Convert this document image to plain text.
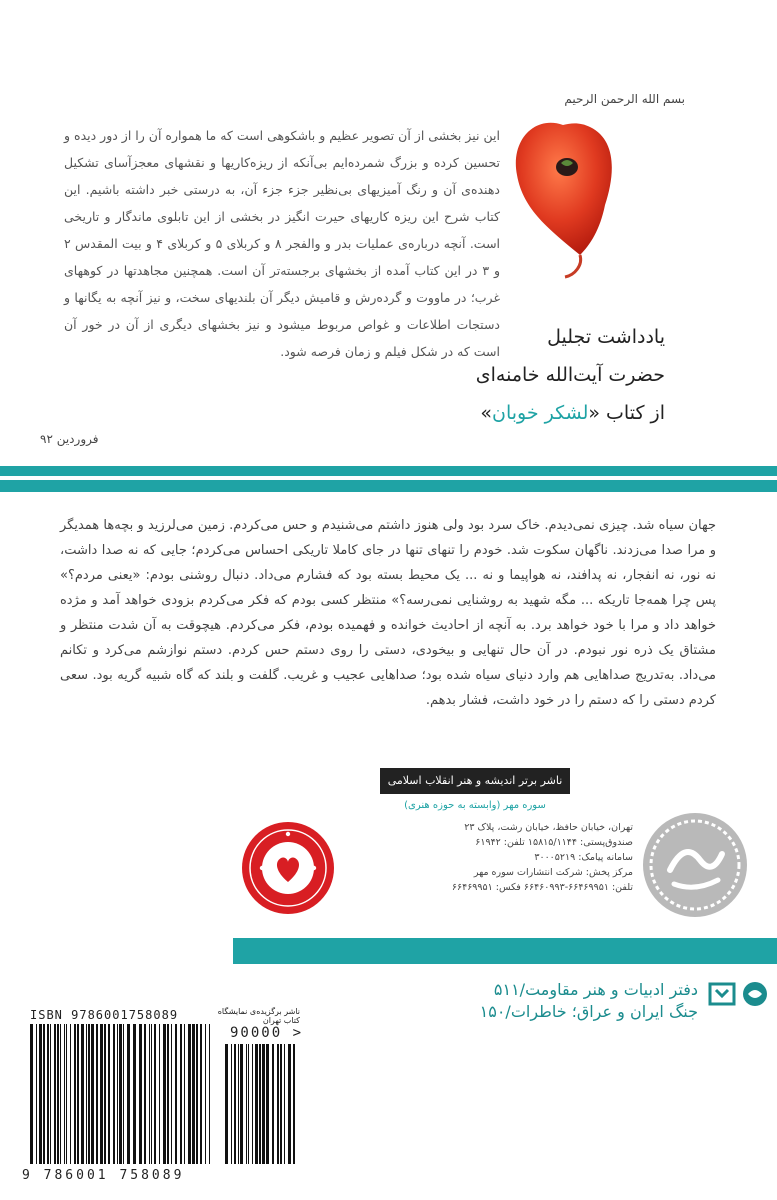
بسم الله الرحمن الرحیم
این نیز بخشی از آن تصویر عظیم و باشکوهی است که ما همواره آن را از دور دیده و تحسین کرده و بزرگ شمرده‌ایم بی‌آنکه از ریزه‌کاریها و نقشهای معجزآسای تشکیل دهنده‌ی آن و رنگ آمیزیهای بی‌نظیر جزء جزء آن، به درستی خبر داشته باشیم. این کتاب شرح این ریزه کاریهای حیرت انگیز در بخشی از این تابلوی ماندگار و تاریخی است. آنچه درباره‌ی عملیات بدر و والفجر ۸ و کربلای ۵ و کربلای ۴ و بیت المقدس ۲ و ۳ در این کتاب آمده از بخشهای برجسته‌تر آن است. همچنین مجاهدتها در کوههای غرب؛ در ماووت و گرده‌رش و قامیش دیگر آن بلندیهای سخت، و نیز آنچه به یگانها و دستجات اطلاعات و غواص مربوط میشود و نیز بخشهای دیگری از آن در خور آن است که در شکل فیلم و زمان فرصه شود.
یادداشت تجلیل
حضرت آیت‌الله خامنه‌ای
از کتاب «لشکر خوبان»
فروردین ۹۲
جهان سیاه شد. چیزی نمی‌دیدم. خاک سرد بود ولی هنوز داشتم می‌شنیدم و حس می‌کردم. زمین می‌لرزید و بچه‌ها همدیگر و مرا صدا می‌زدند. ناگهان سکوت شد. خودم را تنهای تنها در جای کاملا تاریکی احساس می‌کردم؛ جایی که نه صدا داشت، نه نور، نه انفجار، نه پدافند، نه هواپیما و نه ... یک محیط بسته بود که فشارم می‌داد. دنبال روشنی بودم: «یعنی مردم؟» پس چرا همه‌جا تاریکه ... مگه شهید به روشنایی نمی‌رسه؟» منتظر کسی بودم که فکر می‌کردم بزودی خواهد آمد و مژده خواهد داد و مرا با خود خواهد برد. به آنچه از احادیث خوانده و فهمیده بودم، فکر می‌کردم. هیچوقت به آن شدت منتظر و مشتاق یک ذره نور نبودم. در آن حال تنهایی و بیخودی، دستی را روی دستم حس کردم. دستم نوازشم می‌کرد و تکانم می‌داد. به‌تدریج صداهایی هم وارد دنیای سیاه شده بود؛ صداهایی عجیب و غریب. گلفت و بلند که گاه شبیه گریه بود. سعی کردم دستی را که دستم را در خود داشت، فشار بدهم.
ناشر برتر اندیشه و هنر انقلاب اسلامی
سوره مهر (وابسته به حوزه هنری)
تهران، خیابان حافظ، خیابان رشت، پلاک ۲۳
صندوق‌پستی: ۱۵۸۱۵/۱۱۴۴ تلفن: ۶۱۹۴۲
سامانه پیامک: ۳۰۰۰۵۲۱۹
مرکز پخش: شرکت انتشارات سوره مهر
تلفن: ۶۶۴۶۹۹۵۱-۶۶۴۶۰۹۹۳ فکس: ۶۶۴۶۹۹۵۱
دفتر ادبیات و هنر مقاومت/۵۱۱
جنگ ایران و عراق؛ خاطرات/۱۵۰
ناشر برگزیده‌ی نمایشگاه کتاب تهران
ISBN 9786001758089
90000 >
9 786001 758089
